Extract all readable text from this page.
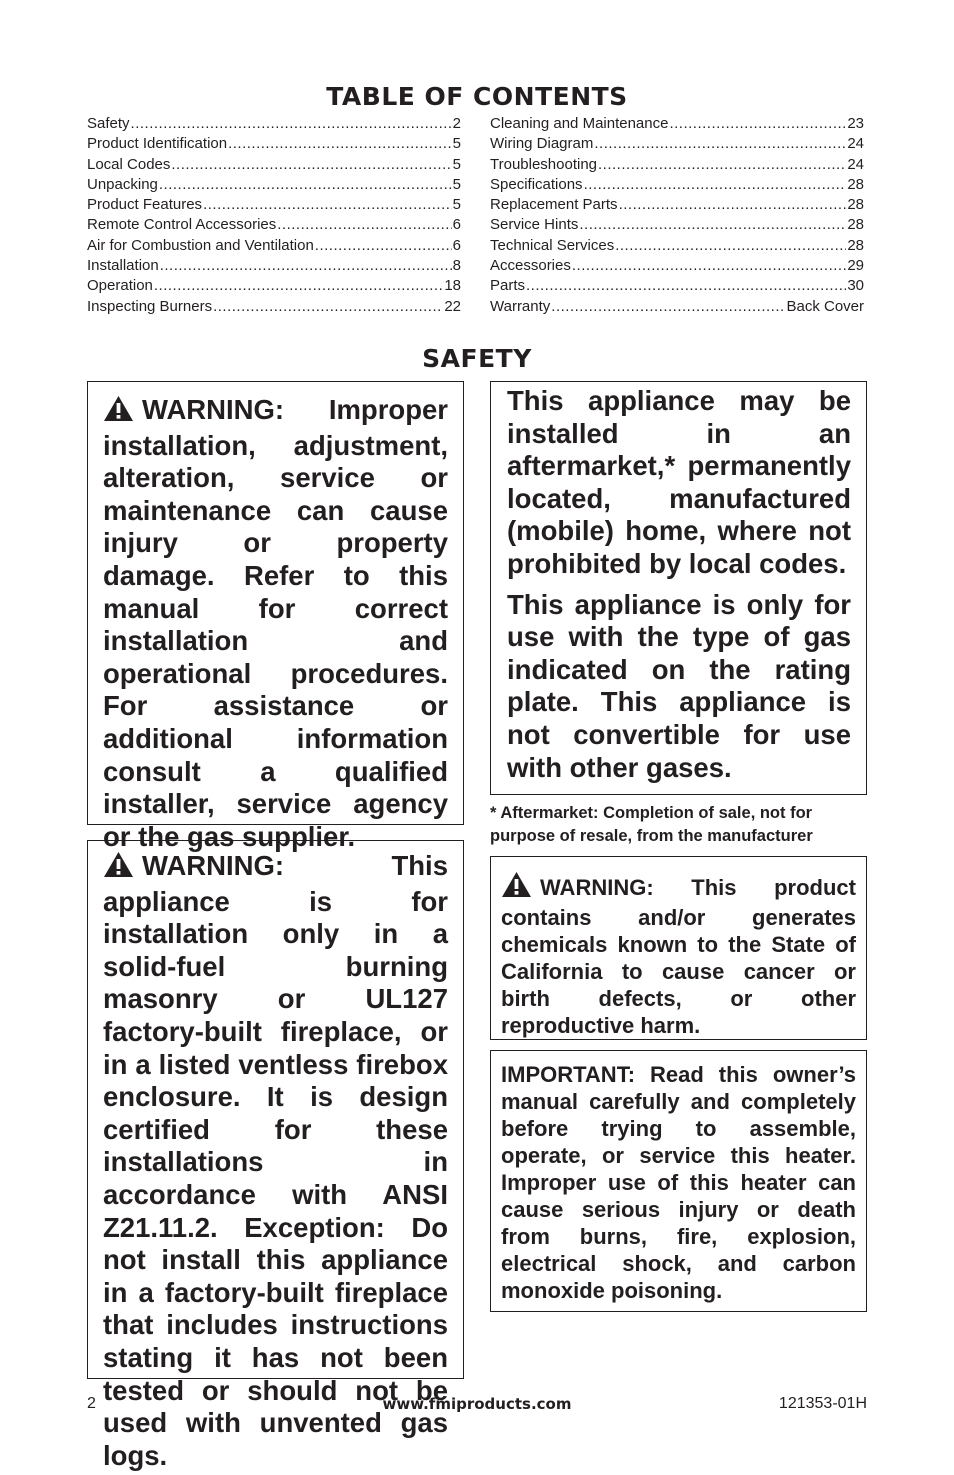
TABLE OF CONTENTS
Safety .....	2
Product Identification .....	5
Local Codes .....	5
Unpacking .....	5
Product Features .....	5
Remote Control Accessories .....	6
Air for Combustion and Ventilation .....	6
Installation .....	8
Operation .....	18
Inspecting Burners .....	22
Cleaning and Maintenance .....	23
Wiring Diagram .....	24
Troubleshooting .....	24
Specifications .....	28
Replacement Parts .....	28
Service Hints .....	28
Technical Services .....	28
Accessories .....	29
Parts .....	30
Warranty .....	Back Cover
SAFETY

WARNING: Improper installation, adjustment, alteration, service or maintenance can cause injury or property damage. Refer to this manual for correct installation and operational procedures. For assistance or additional information consult a qualified installer, service agency or the gas supplier.

WARNING: This appliance is for installation only in a solid-fuel burning masonry or UL127 factory-built fireplace, or in a listed ventless firebox enclosure. It is design certified for these installations in accordance with ANSI Z21.11.2. Exception: Do not install this appliance in a factory-built fireplace that includes instructions stating it has not been tested or should not be used with unvented gas logs.

This appliance may be installed in an aftermarket,* permanently located, manufactured (mobile) home, where not prohibited by local codes.

This appliance is only for use with the type of gas indicated on the rating plate. This appliance is not convertible for use with other gases.

* Aftermarket: Completion of sale, not for purpose of resale, from the manufacturer

WARNING: This product contains and/or generates chemicals known to the State of California to cause cancer or birth defects, or other reproductive harm.

IMPORTANT: Read this owner’s manual carefully and completely before trying to assemble, operate, or service this heater. Improper use of this heater can cause serious injury or death from burns, fire, explosion, electrical shock, and carbon monoxide poisoning.

2	www.fmiproducts.com	121353-01H
